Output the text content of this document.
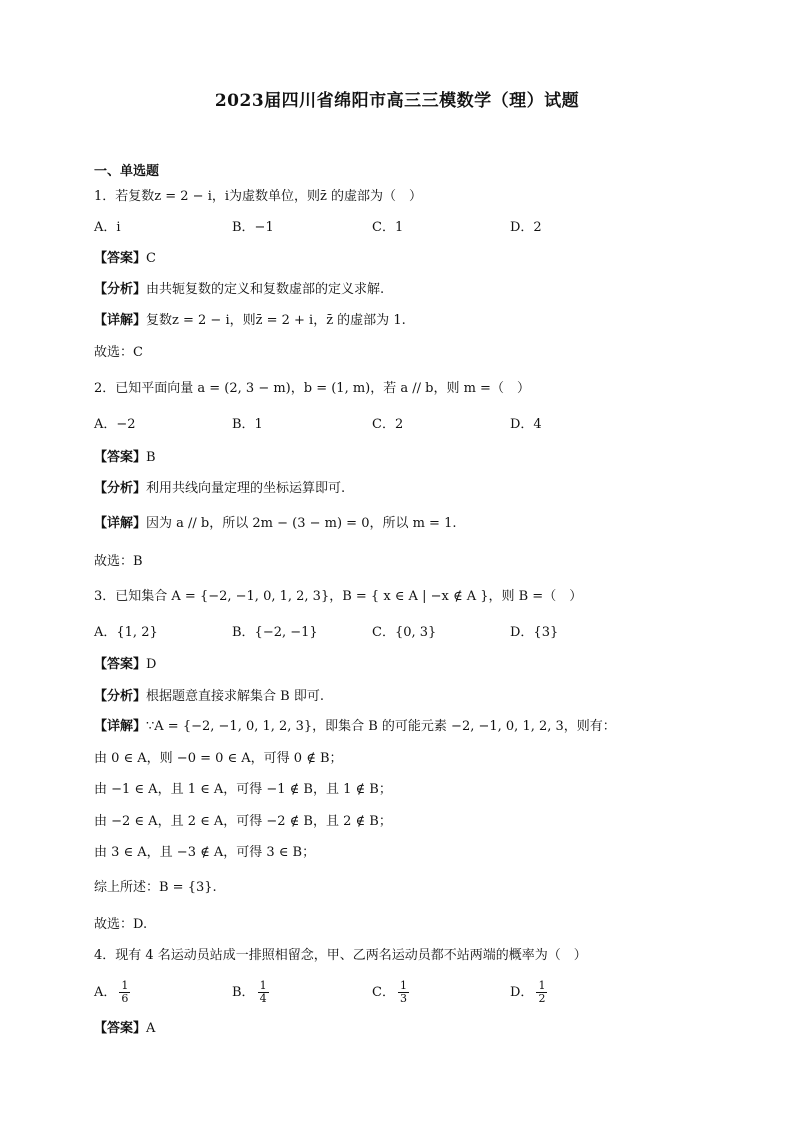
2023届四川省绵阳市高三三模数学（理）试题
一、单选题
1．若复数z = 2 − i，i为虚数单位，则z̄ 的虚部为（　）
A．i	B．−1	C．1	D．2
【答案】C
【分析】由共轭复数的定义和复数虚部的定义求解.
【详解】复数z = 2 − i，则z̄ = 2 + i，z̄ 的虚部为 1.
故选：C
2．已知平面向量 a = (2, 3 − m)，b = (1, m)，若 a // b，则 m =（　）
A．−2	B．1	C．2	D．4
【答案】B
【分析】利用共线向量定理的坐标运算即可.
【详解】因为 a // b，所以 2m − (3 − m) = 0，所以 m = 1.
故选：B
3．已知集合 A = {−2, −1, 0, 1, 2, 3}，B = { x ∈ A | −x ∉ A }，则 B =（　）
A．{1, 2}	B．{−2, −1}	C．{0, 3}	D．{3}
【答案】D
【分析】根据题意直接求解集合 B 即可.
【详解】∵A = {−2, −1, 0, 1, 2, 3}，即集合 B 的可能元素 −2, −1, 0, 1, 2, 3，则有：
由 0 ∈ A，则 −0 = 0 ∈ A，可得 0 ∉ B；
由 −1 ∈ A，且 1 ∈ A，可得 −1 ∉ B，且 1 ∉ B；
由 −2 ∈ A，且 2 ∈ A，可得 −2 ∉ B，且 2 ∉ B；
由 3 ∈ A，且 −3 ∉ A，可得 3 ∈ B；
综上所述：B = {3}.
故选：D.
4．现有 4 名运动员站成一排照相留念，甲、乙两名运动员都不站两端的概率为（　）
A． $\frac{1}{6}$	B． $\frac{1}{4}$	C． $\frac{1}{3}$	D． $\frac{1}{2}$
【答案】A
